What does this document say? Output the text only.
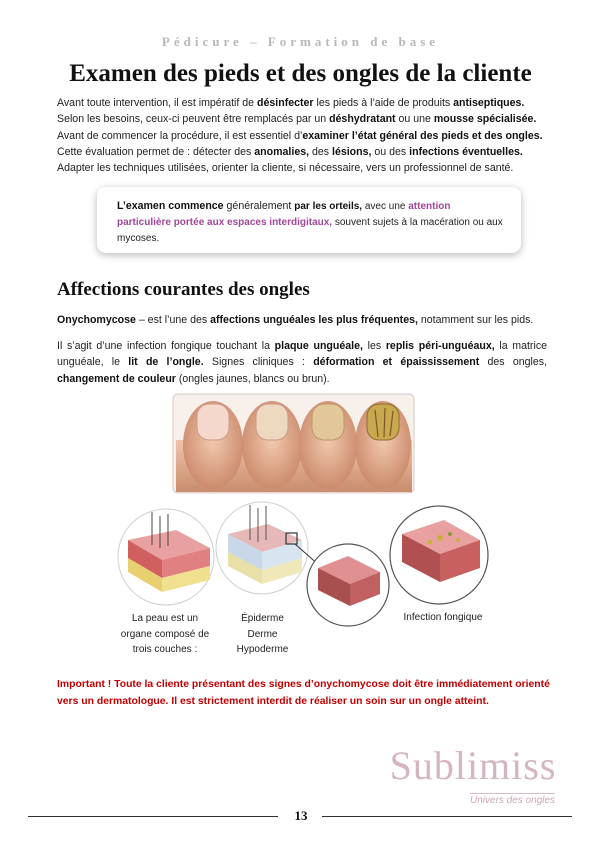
Pédicure – Formation de base
Examen des pieds et des ongles de la cliente

Avant toute intervention, il est impératif de désinfecter les pieds à l’aide de produits antiseptiques. Selon les besoins, ceux-ci peuvent être remplacés par un déshydratant ou une mousse spécialisée. Avant de commencer la procédure, il est essentiel d’examiner l’état général des pieds et des ongles. Cette évaluation permet de : détecter des anomalies, des lésions, ou des infections éventuelles. Adapter les techniques utilisées, orienter la cliente, si nécessaire, vers un professionnel de santé.

L’examen commence généralement par les orteils, avec une attention particulière portée aux espaces interdigitaux, souvent sujets à la macération ou aux mycoses.
Affections courantes des ongles

Onychomycose – est l’une des affections unguéales les plus fréquentes, notamment sur les pids.

Il s’agit d’une infection fongique touchant la plaque unguéale, les replis péri-unguéaux, la matrice unguéale, le lit de l’ongle. Signes cliniques : déformation et épaississement des ongles, changement de couleur (ongles jaunes, blancs ou brun).

La peau est un organe composé de trois couches :
Épiderme
Derme
Hypoderme
Infection fongique

Important ! Toute la cliente présentant des signes d’onychomycose doit être immédiatement orienté vers un dermatologue. Il est strictement interdit de réaliser un soin sur un ongle atteint.

Sublimiss
Univers des ongles
13
